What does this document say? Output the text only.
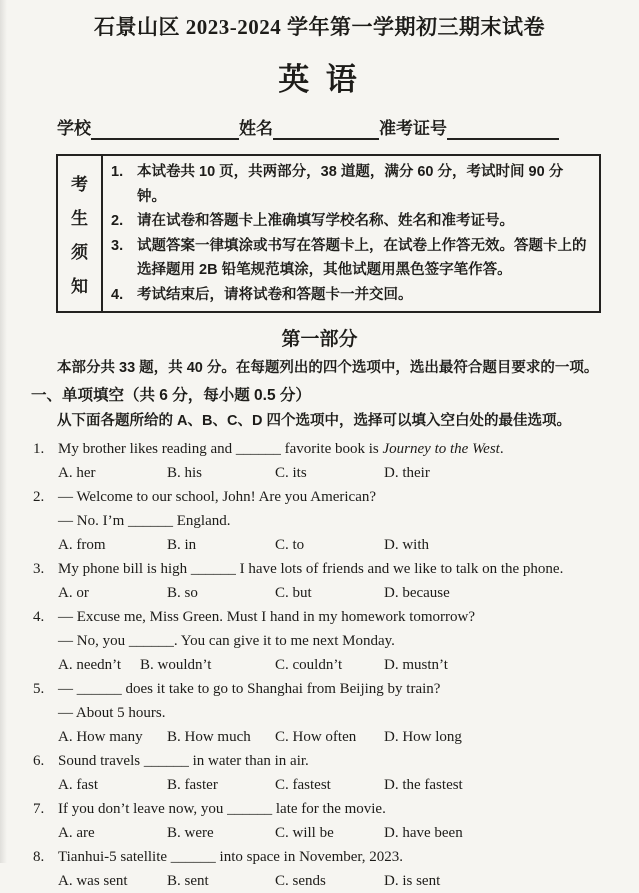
石景山区 2023-2024 学年第一学期初三期末试卷
英 语
学校	姓名	准考证号
考
生
须
知
1. 本试卷共 10 页，共两部分，38 道题，满分 60 分，考试时间 90 分钟。
2. 请在试卷和答题卡上准确填写学校名称、姓名和准考证号。
3. 试题答案一律填涂或书写在答题卡上，在试卷上作答无效。答题卡上的选择题用 2B 铅笔规范填涂，其他试题用黑色签字笔作答。
4. 考试结束后，请将试卷和答题卡一并交回。
第一部分
本部分共 33 题，共 40 分。在每题列出的四个选项中，选出最符合题目要求的一项。
一、单项填空（共 6 分，每小题 0.5 分）
从下面各题所给的 A、B、C、D 四个选项中，选择可以填入空白处的最佳选项。
1. My brother likes reading and ______ favorite book is Journey to the West.
A. her	B. his	C. its	D. their
2. — Welcome to our school, John! Are you American?
— No. I’m ______ England.
A. from	B. in	C. to	D. with
3. My phone bill is high ______ I have lots of friends and we like to talk on the phone.
A. or	B. so	C. but	D. because
4. — Excuse me, Miss Green. Must I hand in my homework tomorrow?
— No, you ______. You can give it to me next Monday.
A. needn’t	B. wouldn’t	C. couldn’t	D. mustn’t
5. — ______ does it take to go to Shanghai from Beijing by train?
— About 5 hours.
A. How many	B. How much	C. How often	D. How long
6. Sound travels ______ in water than in air.
A. fast	B. faster	C. fastest	D. the fastest
7. If you don’t leave now, you ______ late for the movie.
A. are	B. were	C. will be	D. have been
8. Tianhui-5 satellite ______ into space in November, 2023.
A. was sent	B. sent	C. sends	D. is sent
